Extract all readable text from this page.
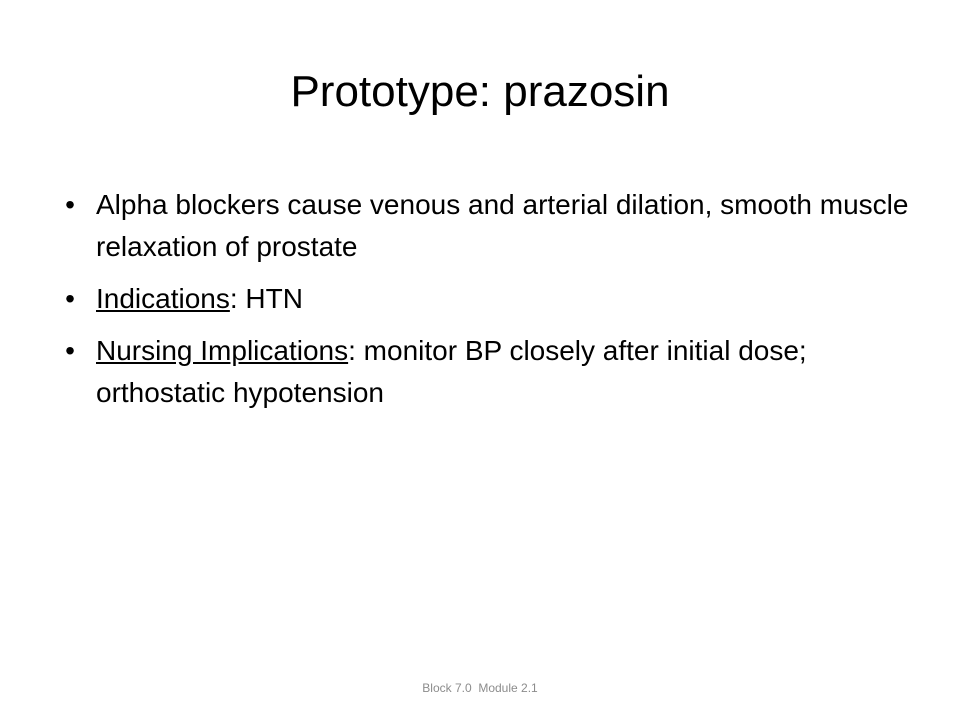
Prototype: prazosin
• Alpha blockers cause venous and arterial dilation, smooth muscle relaxation of prostate
• Indications: HTN
• Nursing Implications: monitor BP closely after initial dose; orthostatic hypotension
Block 7.0  Module 2.1
